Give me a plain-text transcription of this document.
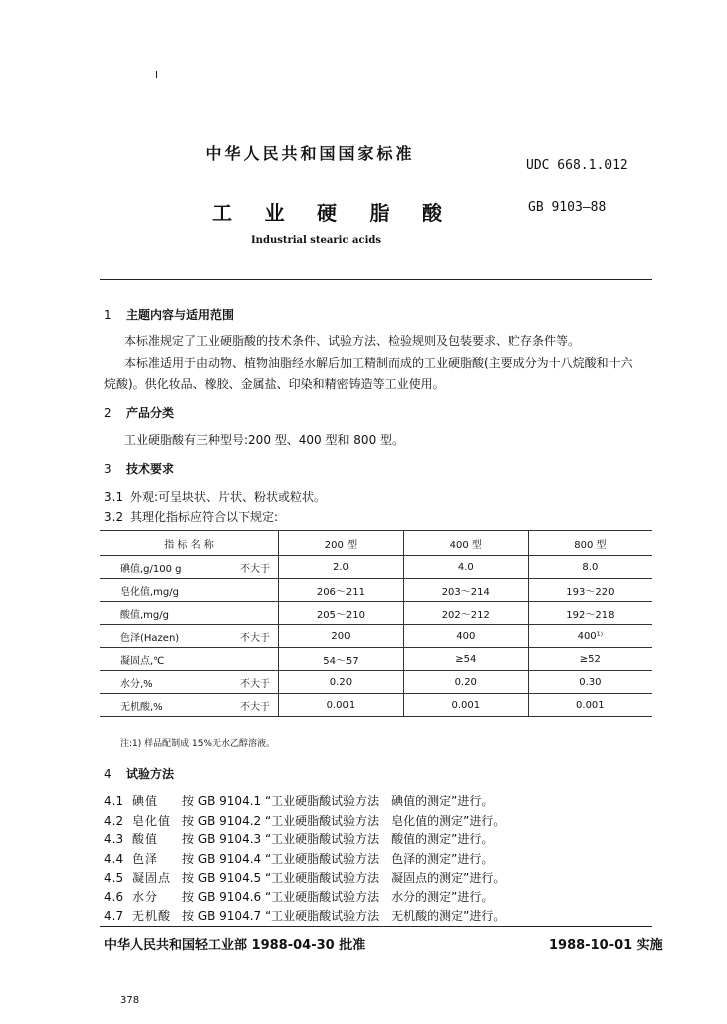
I
中华人民共和国国家标准
UDC 668.1.012
工 业 硬 脂 酸	GB 9103—88
Industrial stearic acids
1 主题内容与适用范围
本标准规定了工业硬脂酸的技术条件、试验方法、检验规则及包装要求、贮存条件等。
本标准适用于由动物、植物油脂经水解后加工精制而成的工业硬脂酸(主要成分为十八烷酸和十六
烷酸)。供化妆品、橡胶、金属盐、印染和精密铸造等工业使用。
2 产品分类
工业硬脂酸有三种型号:200 型、400 型和 800 型。
3 技术要求
3.1 外观:可呈块状、片状、粉状或粒状。
3.2 其理化指标应符合以下规定:
指 标 名 称	200 型	400 型	800 型
碘值,g/100 g 不大于	2.0	4.0	8.0
皂化值,mg/g	206～211	203～214	193～220
酸值,mg/g	205～210	202～212	192～218
色泽(Hazen) 不大于	200	400	400¹⁾
凝固点,℃	54～57	≥54	≥52
水分,% 不大于	0.20	0.20	0.30
无机酸,% 不大于	0.001	0.001	0.001
注:1) 样品配制成 15%无水乙醇溶液。
4 试验方法
4.1 碘值 按 GB 9104.1 “工业硬脂酸试验方法　碘值的测定”进行。
4.2 皂化值 按 GB 9104.2 “工业硬脂酸试验方法　皂化值的测定”进行。
4.3 酸值 按 GB 9104.3 “工业硬脂酸试验方法　酸值的测定”进行。
4.4 色泽 按 GB 9104.4 “工业硬脂酸试验方法　色泽的测定”进行。
4.5 凝固点 按 GB 9104.5 “工业硬脂酸试验方法　凝固点的测定”进行。
4.6 水分 按 GB 9104.6 “工业硬脂酸试验方法　水分的测定”进行。
4.7 无机酸 按 GB 9104.7 “工业硬脂酸试验方法　无机酸的测定”进行。
中华人民共和国轻工业部 1988-04-30 批准	1988-10-01 实施
378
